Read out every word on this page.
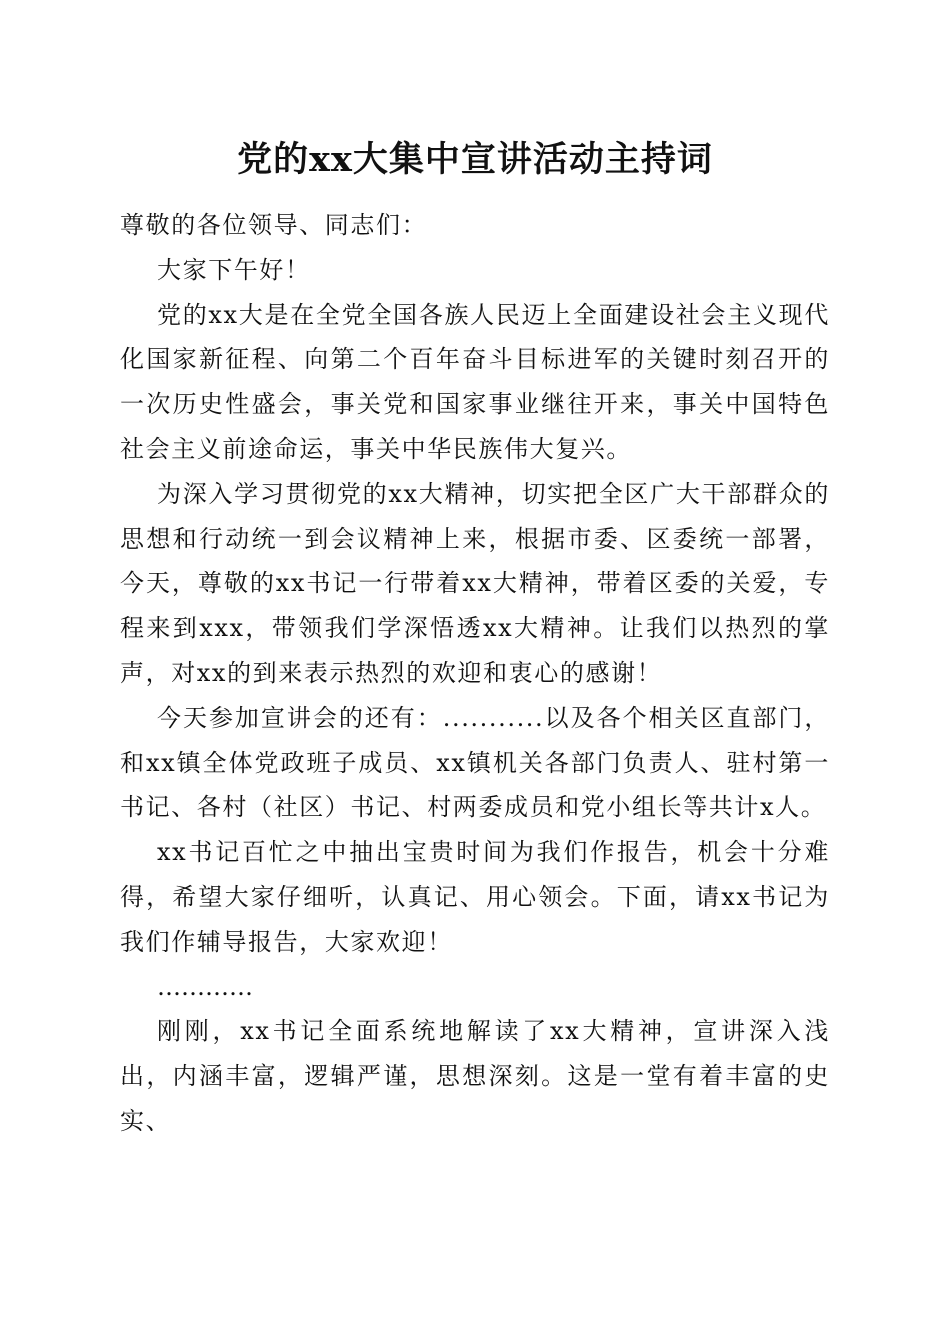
党的xx大集中宣讲活动主持词

尊敬的各位领导、同志们：

大家下午好！

党的xx大是在全党全国各族人民迈上全面建设社会主义现代化国家新征程、向第二个百年奋斗目标进军的关键时刻召开的一次历史性盛会，事关党和国家事业继往开来，事关中国特色社会主义前途命运，事关中华民族伟大复兴。

为深入学习贯彻党的xx大精神，切实把全区广大干部群众的思想和行动统一到会议精神上来，根据市委、区委统一部署，今天，尊敬的xx书记一行带着xx大精神，带着区委的关爱，专程来到xxx，带领我们学深悟透xx大精神。让我们以热烈的掌声，对xx的到来表示热烈的欢迎和衷心的感谢！

今天参加宣讲会的还有：...........以及各个相关区直部门，和xx镇全体党政班子成员、xx镇机关各部门负责人、驻村第一书记、各村（社区）书记、村两委成员和党小组长等共计x人。

xx书记百忙之中抽出宝贵时间为我们作报告，机会十分难得，希望大家仔细听，认真记、用心领会。下面，请xx书记为我们作辅导报告，大家欢迎！

…………

刚刚，xx书记全面系统地解读了xx大精神，宣讲深入浅出，内涵丰富，逻辑严谨，思想深刻。这是一堂有着丰富的史实、
